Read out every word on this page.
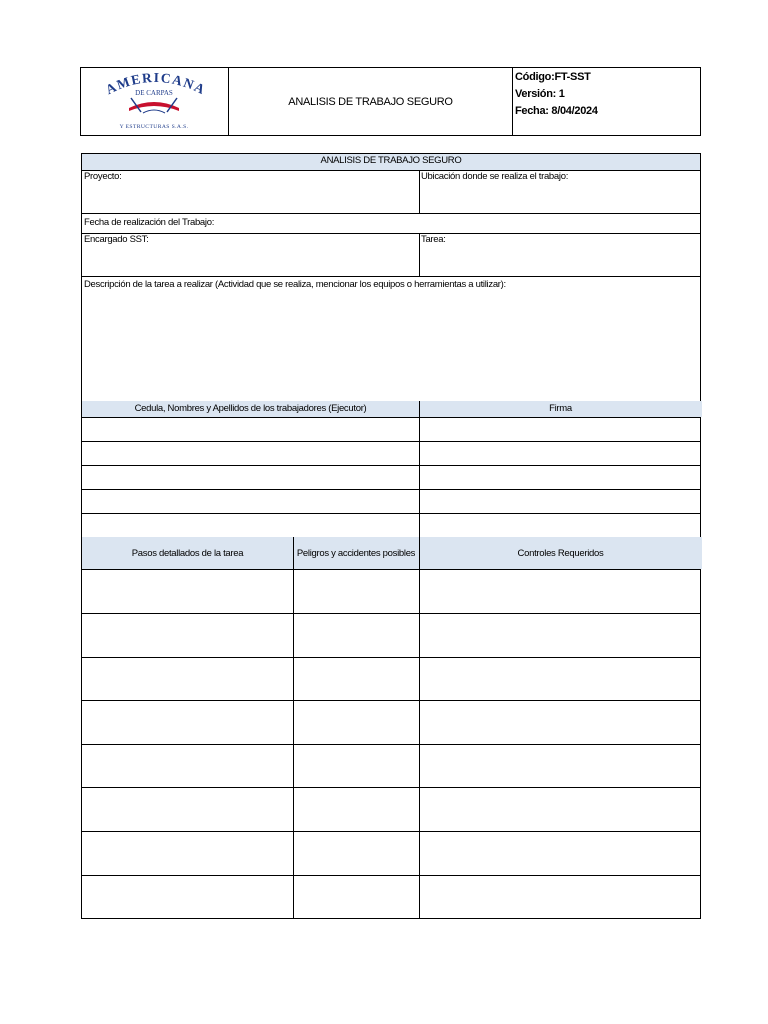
AMERICANA
DE CARPAS
Y ESTRUCTURAS S.A.S.
ANALISIS DE TRABAJO SEGURO
Código:FT-SST
Versión: 1
Fecha: 8/04/2024
ANALISIS DE TRABAJO SEGURO
Proyecto:	Ubicación donde se realiza el trabajo:
Fecha de realización del Trabajo:
Encargado SST:	Tarea:
Descripción de la tarea a realizar (Actividad que se realiza, mencionar los equipos o herramientas a utilizar):
Cedula, Nombres y Apellidos de los trabajadores (Ejecutor)	Firma
Pasos detallados de la tarea	Peligros y accidentes posibles	Controles Requeridos
